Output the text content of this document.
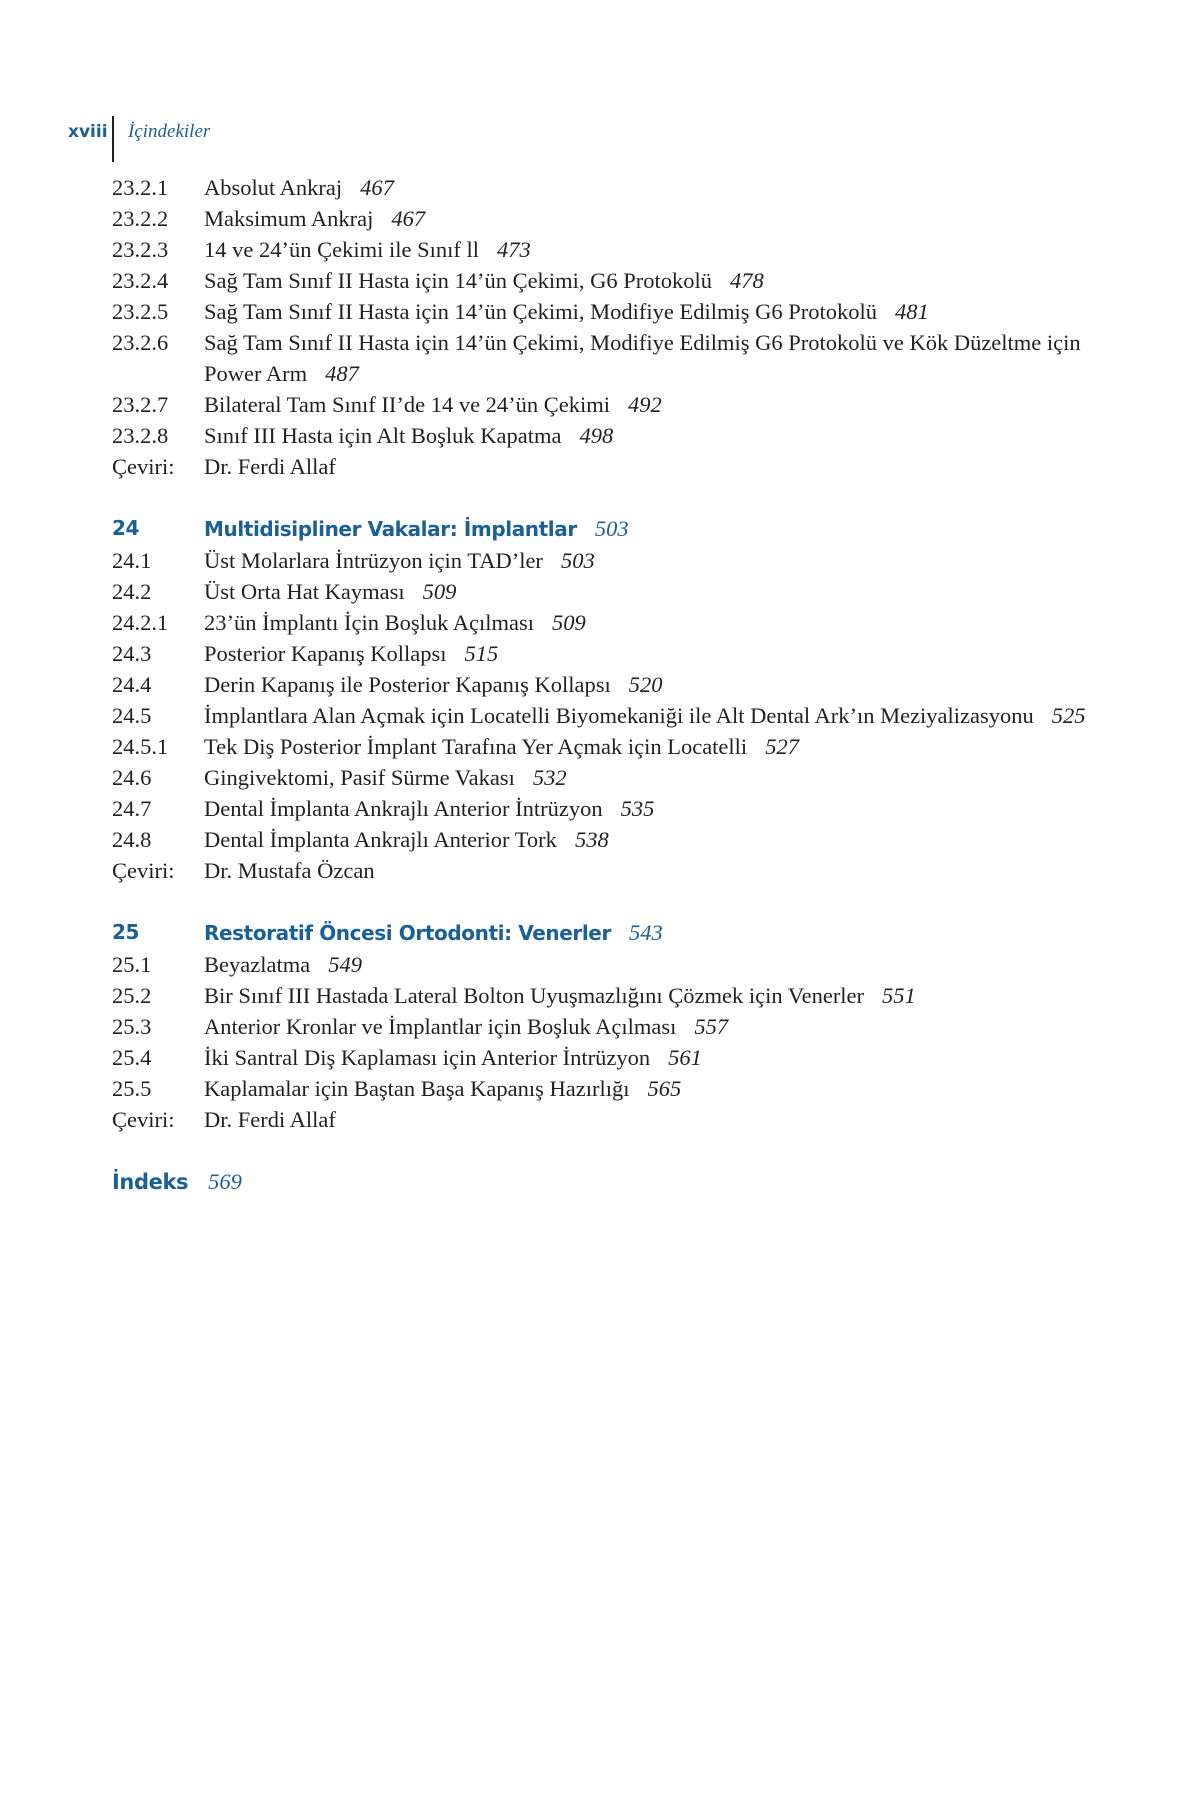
xviii İçindekiler
23.2.1	Absolut Ankraj 467
23.2.2	Maksimum Ankraj 467
23.2.3	14 ve 24’ün Çekimi ile Sınıf ll 473
23.2.4	Sağ Tam Sınıf II Hasta için 14’ün Çekimi, G6 Protokolü 478
23.2.5	Sağ Tam Sınıf II Hasta için 14’ün Çekimi, Modifiye Edilmiş G6 Protokolü 481
23.2.6	Sağ Tam Sınıf II Hasta için 14’ün Çekimi, Modifiye Edilmiş G6 Protokolü ve Kök Düzeltme için Power Arm 487
23.2.7	Bilateral Tam Sınıf II’de 14 ve 24’ün Çekimi 492
23.2.8	Sınıf III Hasta için Alt Boşluk Kapatma 498
Çeviri:	Dr. Ferdi Allaf
24	Multidisipliner Vakalar: İmplantlar 503
24.1	Üst Molarlara İntrüzyon için TAD’ler 503
24.2	Üst Orta Hat Kayması 509
24.2.1	23’ün İmplantı İçin Boşluk Açılması 509
24.3	Posterior Kapanış Kollapsı 515
24.4	Derin Kapanış ile Posterior Kapanış Kollapsı 520
24.5	İmplantlara Alan Açmak için Locatelli Biyomekaniği ile Alt Dental Ark’ın Meziyalizasyonu 525
24.5.1	Tek Diş Posterior İmplant Tarafına Yer Açmak için Locatelli 527
24.6	Gingivektomi, Pasif Sürme Vakası 532
24.7	Dental İmplanta Ankrajlı Anterior İntrüzyon 535
24.8	Dental İmplanta Ankrajlı Anterior Tork 538
Çeviri:	Dr. Mustafa Özcan
25	Restoratif Öncesi Ortodonti: Venerler 543
25.1	Beyazlatma 549
25.2	Bir Sınıf III Hastada Lateral Bolton Uyuşmazlığını Çözmek için Venerler 551
25.3	Anterior Kronlar ve İmplantlar için Boşluk Açılması 557
25.4	İki Santral Diş Kaplaması için Anterior İntrüzyon 561
25.5	Kaplamalar için Baştan Başa Kapanış Hazırlığı 565
Çeviri:	Dr. Ferdi Allaf
İndeks 569
